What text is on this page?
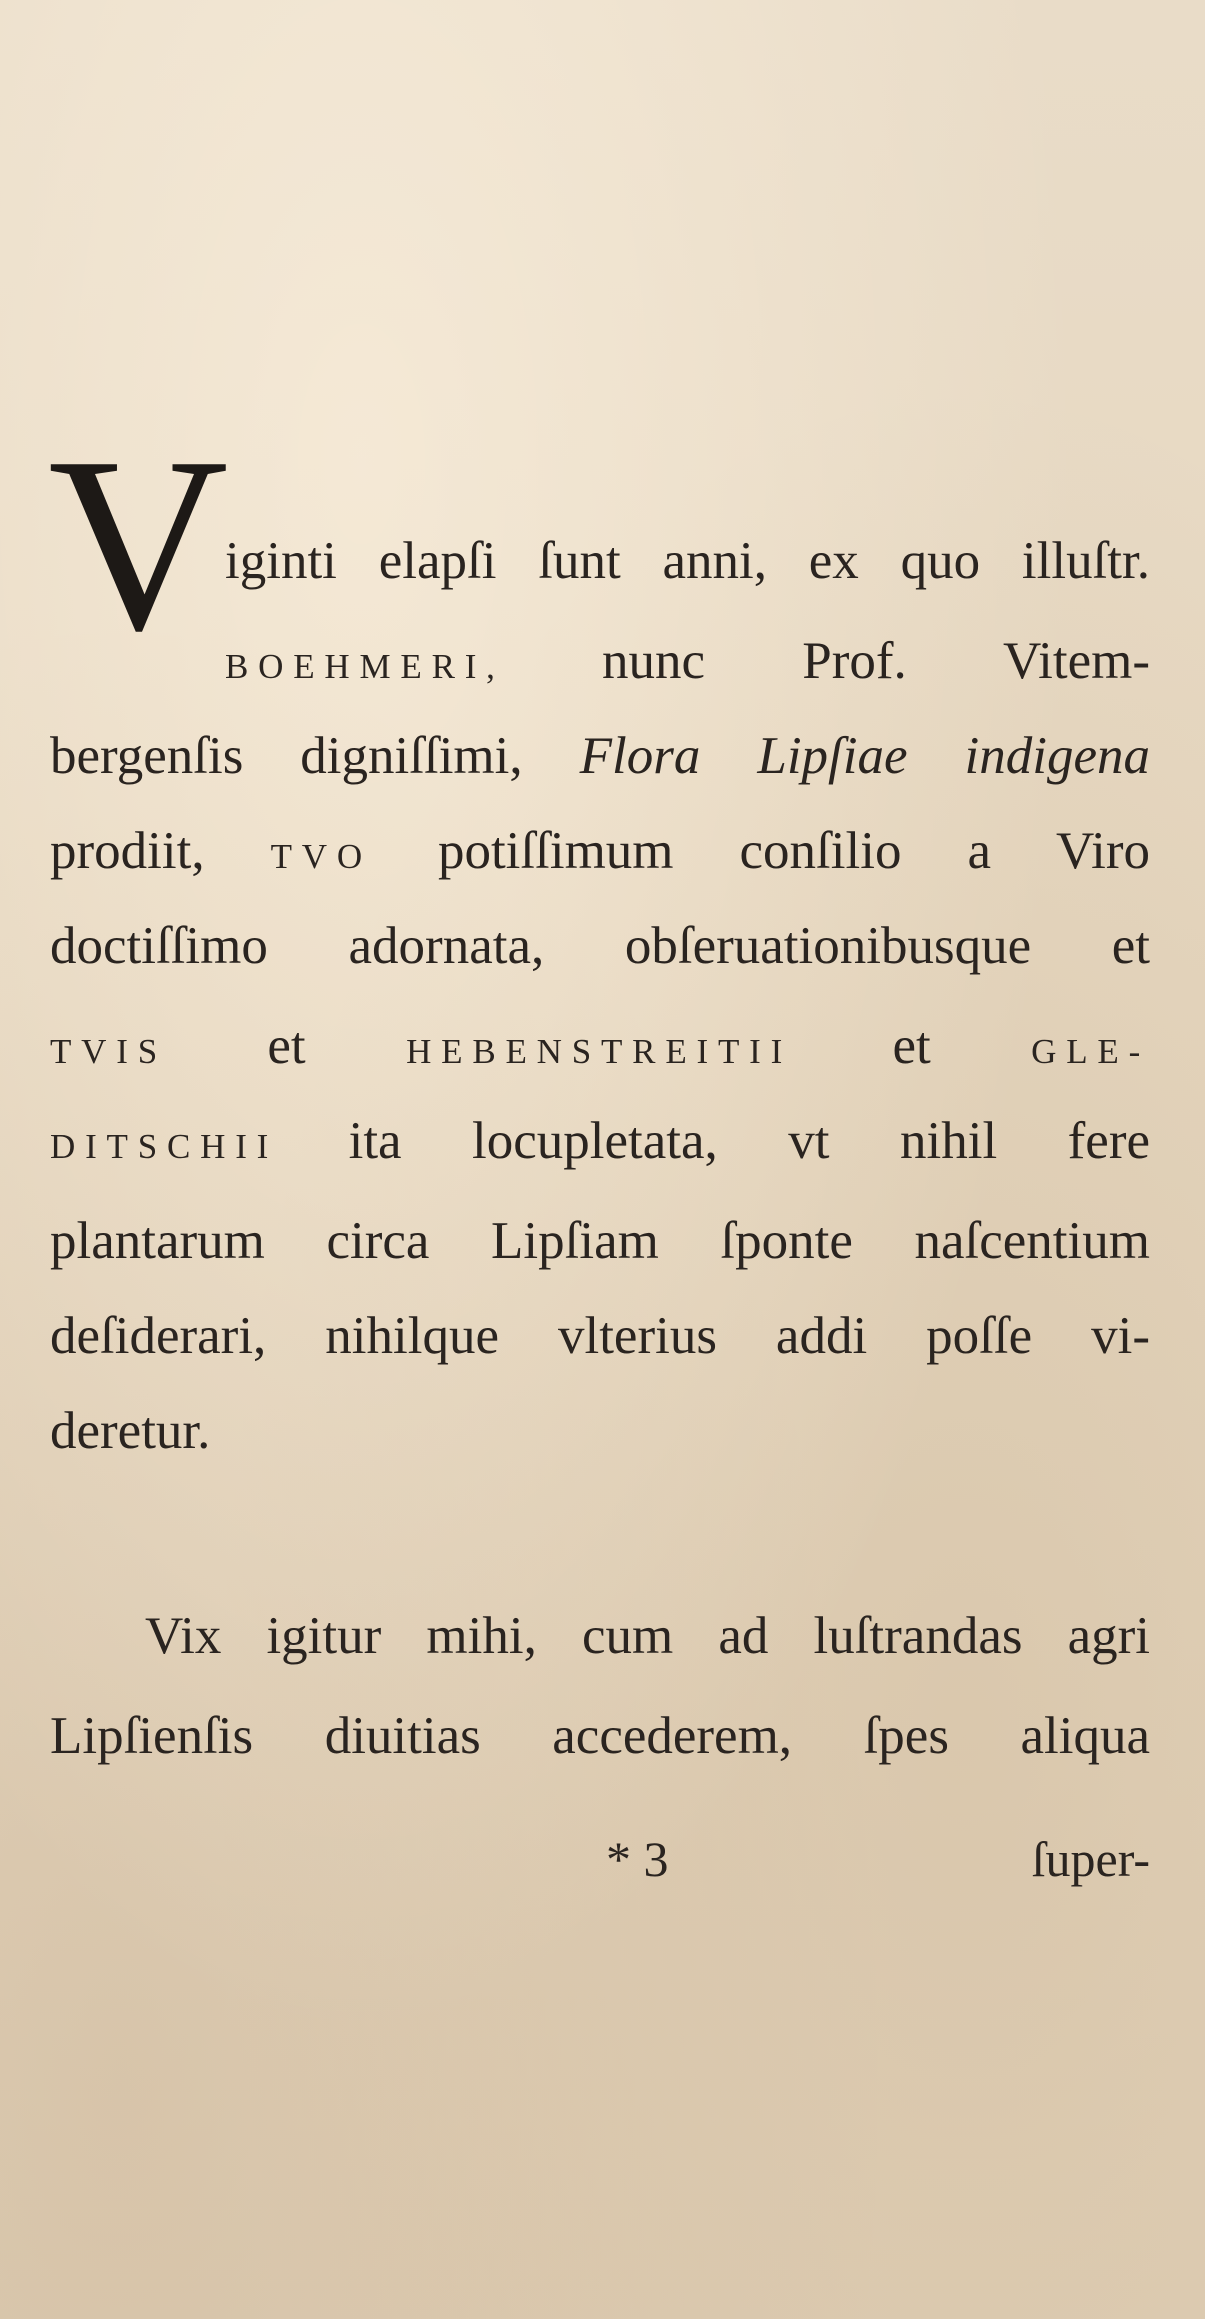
V
iginti elapſi ſunt anni, ex quo illuſtr.
BOEHMERI, nunc Prof. Vitem-
bergenſis digniſſimi, Flora Lipſiae indigena
prodiit, TVO potiſſimum conſilio a Viro
doctiſſimo adornata, obſeruationibusque et
TVIS et	HEBENSTREITII et	GLE-
DITSCHII ita locupletata, vt nihil fere
plantarum circa Lipſiam ſponte naſcentium
deſiderari, nihilque vlterius addi poſſe vi-
deretur.
Vix igitur mihi, cum ad luſtrandas agri
Lipſienſis diuitias accederem, ſpes aliqua
* 3	ſuper-
